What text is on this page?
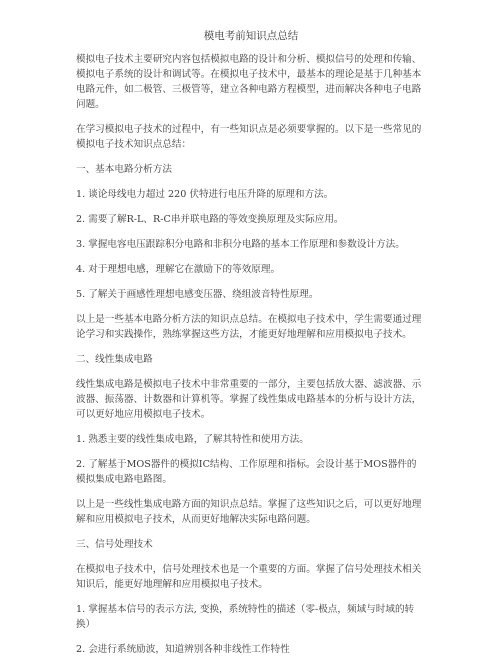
模电考前知识点总结

模拟电子技术主要研究内容包括模拟电路的设计和分析、模拟信号的处理和传输、模拟电子系统的设计和调试等。在模拟电子技术中，最基本的理论是基于几种基本电路元件，如二极管、三极管等，建立各种电路方程模型，进而解决各种电子电路问题。

在学习模拟电子技术的过程中，有一些知识点是必须要掌握的。以下是一些常见的模拟电子技术知识点总结：

一、基本电路分析方法

1. 谈论母线电力超过 220 伏特进行电压升降的原理和方法。

2. 需要了解R-L、R-C串并联电路的等效变换原理及实际应用。

3. 掌握电容电压跟踪积分电路和非积分电路的基本工作原理和参数设计方法。

4. 对于理想电感，理解它在激励下的等效原理。

5. 了解关于画感性理想电感变压器、绕组波音特性原理。

以上是一些基本电路分析方法的知识点总结。在模拟电子技术中，学生需要通过理论学习和实践操作，熟练掌握这些方法，才能更好地理解和应用模拟电子技术。

二、线性集成电路

线性集成电路是模拟电子技术中非常重要的一部分，主要包括放大器、滤波器、示波器、振荡器、计数器和计算机等。掌握了线性集成电路基本的分析与设计方法，可以更好地应用模拟电子技术。

1. 熟悉主要的线性集成电路，了解其特性和使用方法。

2. 了解基于MOS器件的模拟IC结构、工作原理和指标。会设计基于MOS器件的模拟集成电路电路图。

以上是一些线性集成电路方面的知识点总结。掌握了这些知识之后，可以更好地理解和应用模拟电子技术，从而更好地解决实际电路问题。

三、信号处理技术

在模拟电子技术中，信号处理技术也是一个重要的方面。掌握了信号处理技术相关知识后，能更好地理解和应用模拟电子技术。

1. 掌握基本信号的表示方法, 变换，系统特性的描述（零-极点，频域与时域的转换）

2. 会进行系统励波，知道辨别各种非线性工作特性
